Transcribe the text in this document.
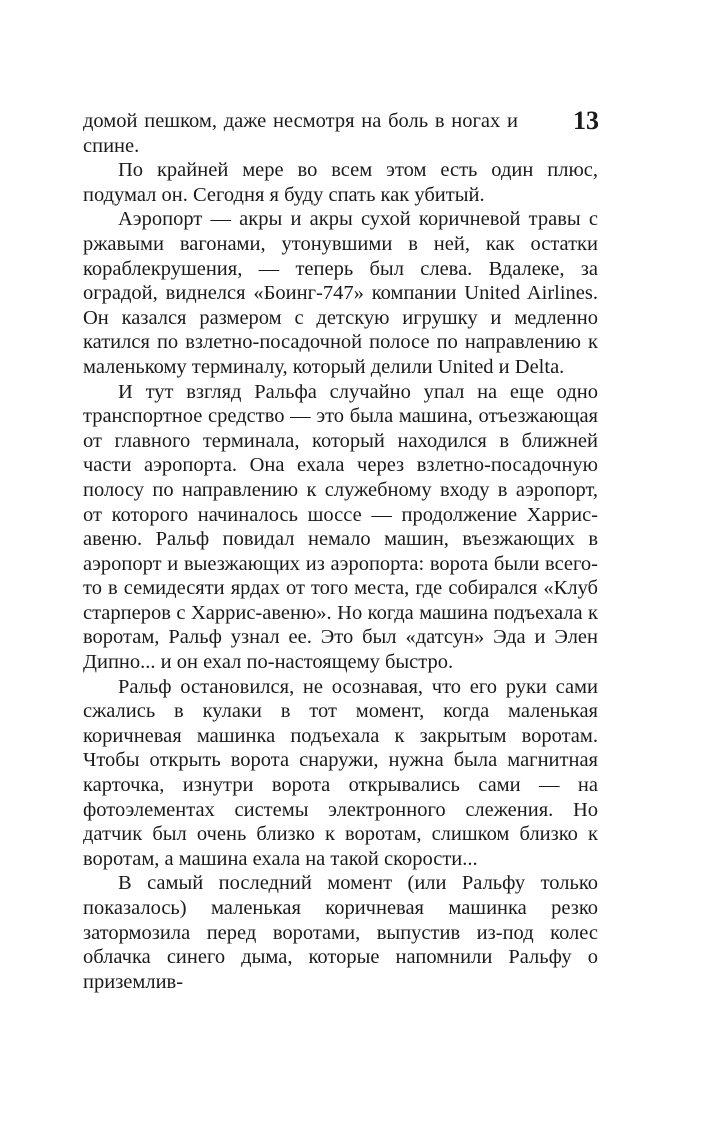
13

домой пешком, даже несмотря на боль в ногах и спине.

По крайней мере во всем этом есть один плюс, подумал он. Сегодня я буду спать как убитый.

Аэропорт — акры и акры сухой коричневой травы с ржавыми вагонами, утонувшими в ней, как остатки кораблекрушения, — теперь был слева. Вдалеке, за оградой, виднелся «Боинг-747» компании United Airlines. Он казался размером с детскую игрушку и медленно катился по взлетно-посадочной полосе по направлению к маленькому терминалу, который делили United и Delta.

И тут взгляд Ральфа случайно упал на еще одно транспортное средство — это была машина, отъезжающая от главного терминала, который находился в ближней части аэропорта. Она ехала через взлетно-посадочную полосу по направлению к служебному входу в аэропорт, от которого начиналось шоссе — продолжение Харрис-авеню. Ральф повидал немало машин, въезжающих в аэропорт и выезжающих из аэропорта: ворота были всего-то в семидесяти ярдах от того места, где собирался «Клуб старперов с Харрис-авеню». Но когда машина подъехала к воротам, Ральф узнал ее. Это был «датсун» Эда и Элен Дипно... и он ехал по-настоящему быстро.

Ральф остановился, не осознавая, что его руки сами сжались в кулаки в тот момент, когда маленькая коричневая машинка подъехала к закрытым воротам. Чтобы открыть ворота снаружи, нужна была магнитная карточка, изнутри ворота открывались сами — на фотоэлементах системы электронного слежения. Но датчик был очень близко к воротам, слишком близко к воротам, а машина ехала на такой скорости...

В самый последний момент (или Ральфу только показалось) маленькая коричневая машинка резко затормозила перед воротами, выпустив из-под колес облачка синего дыма, которые напомнили Ральфу о приземлив-
